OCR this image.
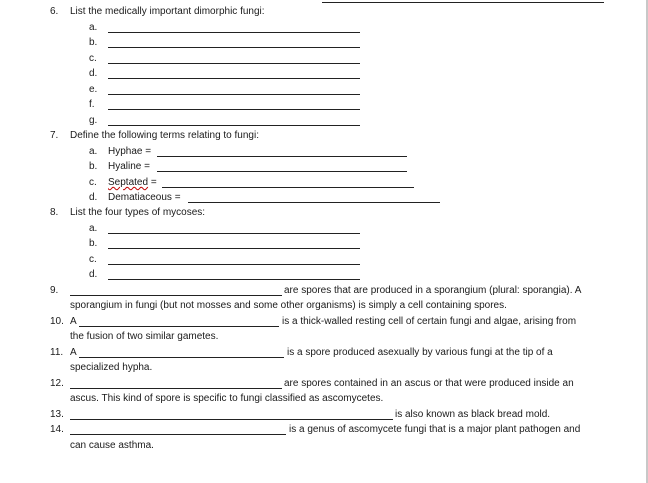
6. List the medically important dimorphic fungi:
a.
b.
c.
d.
e.
f.
g.
7. Define the following terms relating to fungi:
a. Hyphae =
b. Hyaline =
c. Septated =
d. Dematiaceous =
8. List the four types of mycoses:
a.
b.
c.
d.
9.	are spores that are produced in a sporangium (plural: sporangia). A
sporangium in fungi (but not mosses and some other organisms) is simply a cell containing spores.
10. A	is a thick-walled resting cell of certain fungi and algae, arising from
the fusion of two similar gametes.
11. A	is a spore produced asexually by various fungi at the tip of a
specialized hypha.
12.	are spores contained in an ascus or that were produced inside an
ascus. This kind of spore is specific to fungi classified as ascomycetes.
13.	is also known as black bread mold.
14.	is a genus of ascomycete fungi that is a major plant pathogen and
can cause asthma.
